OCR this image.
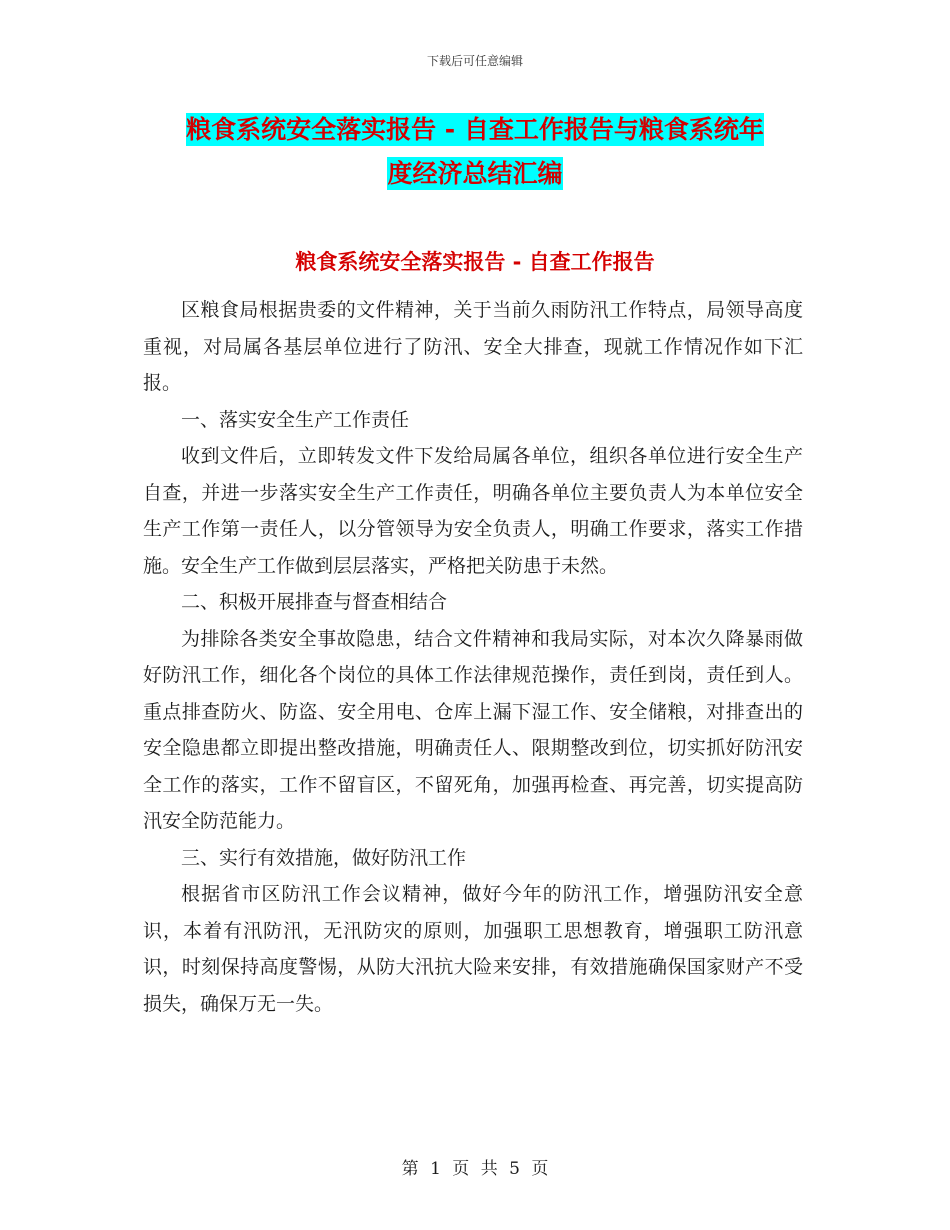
下载后可任意编辑
粮食系统安全落实报告 - 自查工作报告与粮食系统年
度经济总结汇编
粮食系统安全落实报告 - 自查工作报告

区粮食局根据贵委的文件精神，关于当前久雨防汛工作特点，局领导高度重视，对局属各基层单位进行了防汛、安全大排查，现就工作情况作如下汇报。

一、落实安全生产工作责任

收到文件后，立即转发文件下发给局属各单位，组织各单位进行安全生产自查，并进一步落实安全生产工作责任，明确各单位主要负责人为本单位安全生产工作第一责任人，以分管领导为安全负责人，明确工作要求，落实工作措施。安全生产工作做到层层落实，严格把关防患于未然。

二、积极开展排查与督查相结合

为排除各类安全事故隐患，结合文件精神和我局实际，对本次久降暴雨做好防汛工作，细化各个岗位的具体工作法律规范操作，责任到岗，责任到人。重点排查防火、防盗、安全用电、仓库上漏下湿工作、安全储粮，对排查出的安全隐患都立即提出整改措施，明确责任人、限期整改到位，切实抓好防汛安全工作的落实，工作不留盲区，不留死角，加强再检查、再完善，切实提高防汛安全防范能力。

三、实行有效措施，做好防汛工作

根据省市区防汛工作会议精神，做好今年的防汛工作，增强防汛安全意识，本着有汛防汛，无汛防灾的原则，加强职工思想教育，增强职工防汛意识，时刻保持高度警惕，从防大汛抗大险来安排，有效措施确保国家财产不受损失，确保万无一失。

第 1 页 共 5 页
